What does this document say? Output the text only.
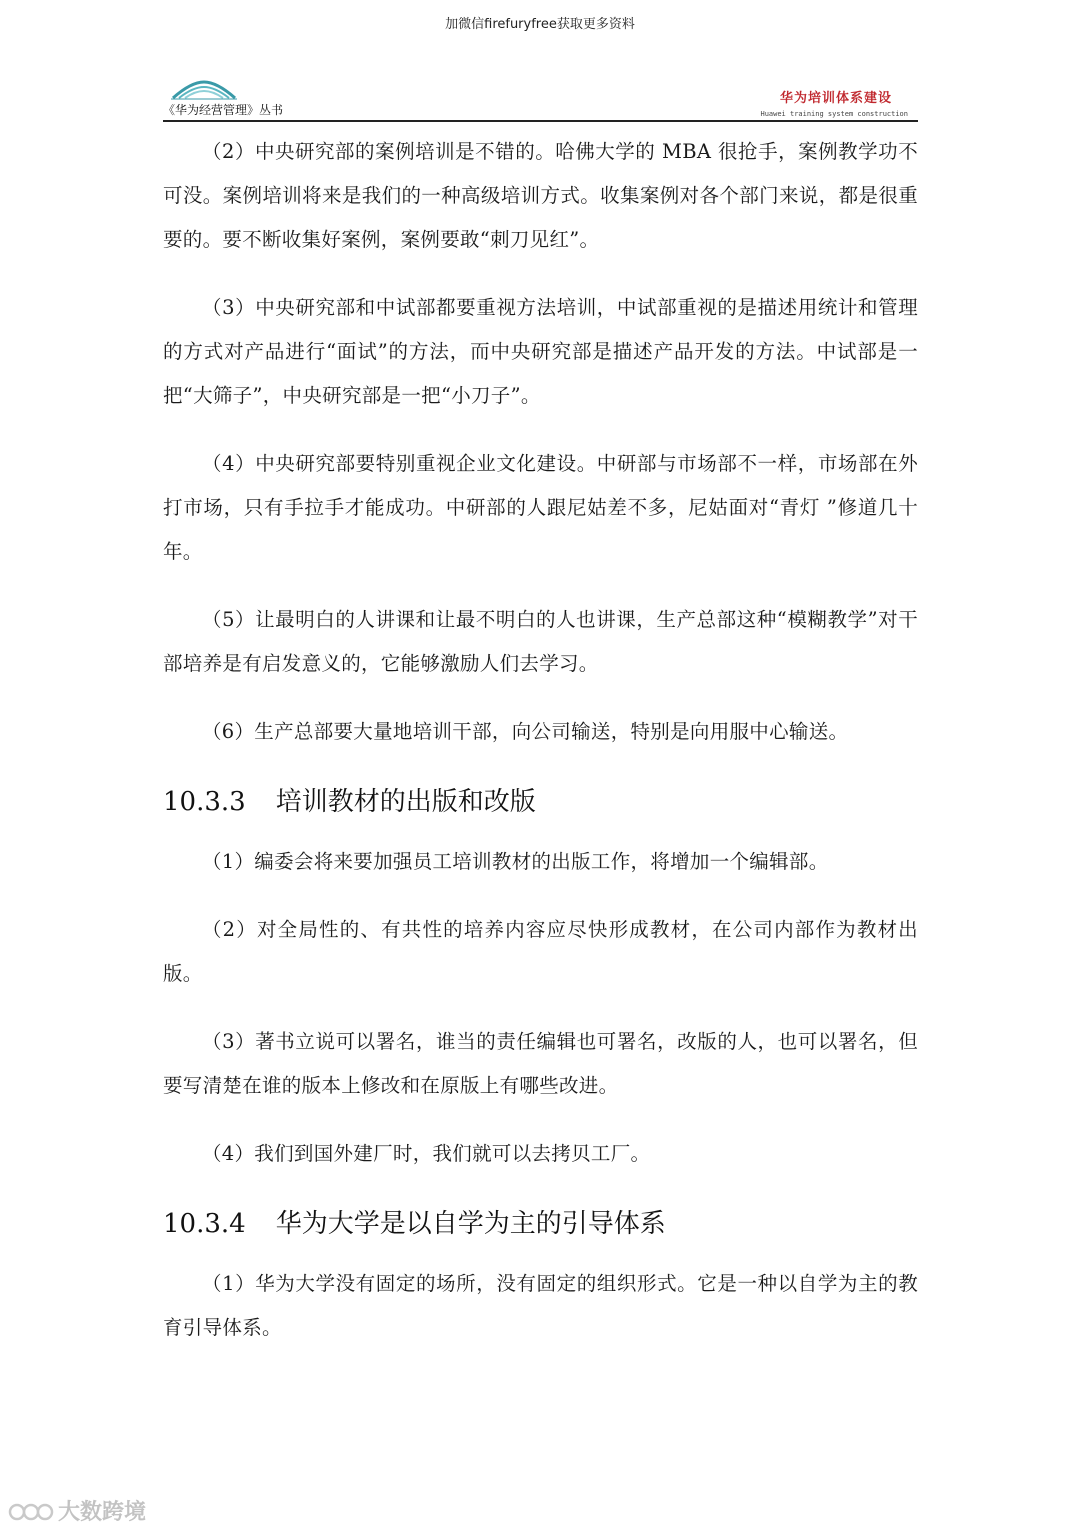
加微信firefuryfree获取更多资料
《华为经营管理》丛书
华为培训体系建设
Huawei training system construction

（2）中央研究部的案例培训是不错的。哈佛大学的 MBA 很抢手，案例教学功不可没。案例培训将来是我们的一种高级培训方式。收集案例对各个部门来说，都是很重要的。要不断收集好案例，案例要敢“刺刀见红”。

（3）中央研究部和中试部都要重视方法培训，中试部重视的是描述用统计和管理的方式对产品进行“面试”的方法，而中央研究部是描述产品开发的方法。中试部是一把“大筛子”，中央研究部是一把“小刀子”。

（4）中央研究部要特别重视企业文化建设。中研部与市场部不一样，市场部在外打市场，只有手拉手才能成功。中研部的人跟尼姑差不多，尼姑面对“青灯 ”修道几十年。

（5）让最明白的人讲课和让最不明白的人也讲课，生产总部这种“模糊教学”对干部培养是有启发意义的，它能够激励人们去学习。

（6）生产总部要大量地培训干部，向公司输送，特别是向用服中心输送。

10.3.3 培训教材的出版和改版

（1）编委会将来要加强员工培训教材的出版工作，将增加一个编辑部。

（2）对全局性的、有共性的培养内容应尽快形成教材，在公司内部作为教材出版。

（3）著书立说可以署名，谁当的责任编辑也可署名，改版的人，也可以署名，但要写清楚在谁的版本上修改和在原版上有哪些改进。

（4）我们到国外建厂时，我们就可以去拷贝工厂。

10.3.4 华为大学是以自学为主的引导体系

（1）华为大学没有固定的场所，没有固定的组织形式。它是一种以自学为主的教育引导体系。

大数跨境
